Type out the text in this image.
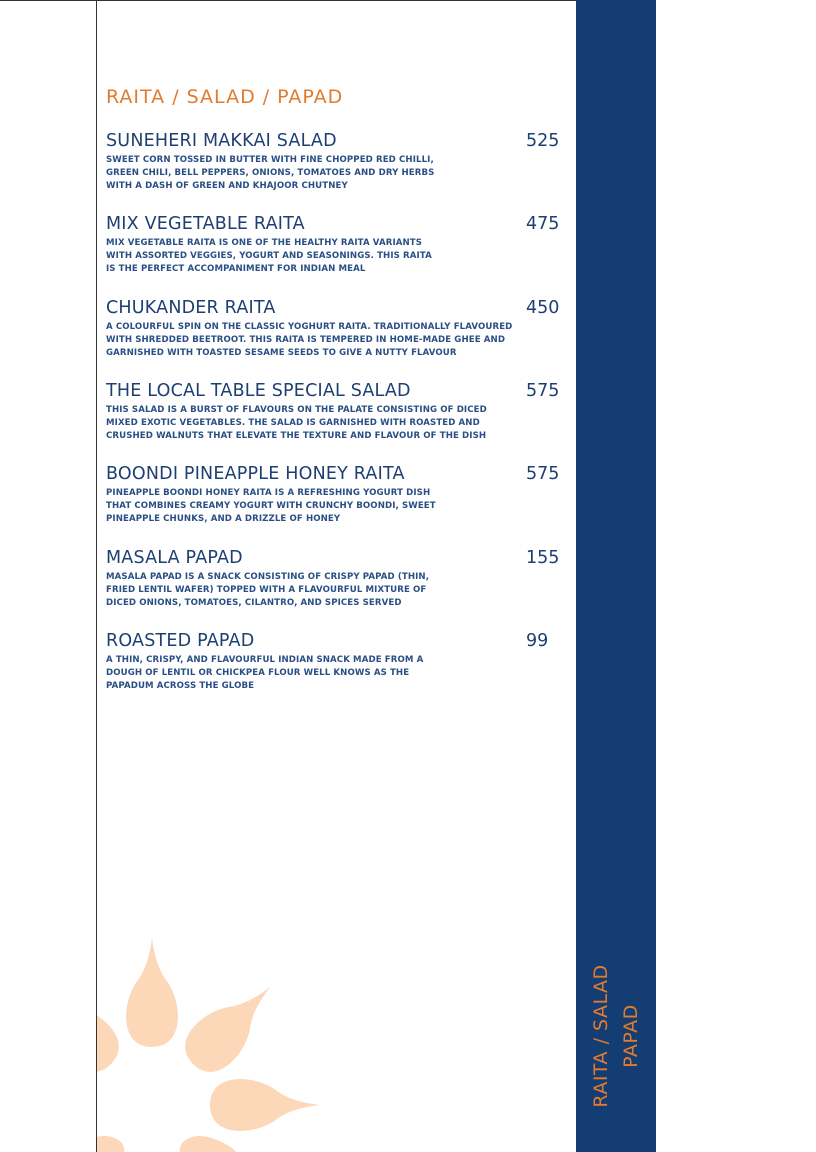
RAITA / SALAD / PAPAD
SUNEHERI MAKKAI SALAD	525
SWEET CORN TOSSED IN BUTTER WITH FINE CHOPPED RED CHILLI,
GREEN CHILI, BELL PEPPERS, ONIONS, TOMATOES AND DRY HERBS
WITH A DASH OF GREEN AND KHAJOOR CHUTNEY
MIX VEGETABLE RAITA	475
MIX VEGETABLE RAITA IS ONE OF THE HEALTHY RAITA VARIANTS
WITH ASSORTED VEGGIES, YOGURT AND SEASONINGS. THIS RAITA
IS THE PERFECT ACCOMPANIMENT FOR INDIAN MEAL
CHUKANDER RAITA	450
A COLOURFUL SPIN ON THE CLASSIC YOGHURT RAITA. TRADITIONALLY FLAVOURED
WITH SHREDDED BEETROOT. THIS RAITA IS TEMPERED IN HOME-MADE GHEE AND
GARNISHED WITH TOASTED SESAME SEEDS TO GIVE A NUTTY FLAVOUR
THE LOCAL TABLE SPECIAL SALAD	575
THIS SALAD IS A BURST OF FLAVOURS ON THE PALATE CONSISTING OF DICED
MIXED EXOTIC VEGETABLES. THE SALAD IS GARNISHED WITH ROASTED AND
CRUSHED WALNUTS THAT ELEVATE THE TEXTURE AND FLAVOUR OF THE DISH
BOONDI PINEAPPLE HONEY RAITA	575
PINEAPPLE BOONDI HONEY RAITA IS A REFRESHING YOGURT DISH
THAT COMBINES CREAMY YOGURT WITH CRUNCHY BOONDI, SWEET
PINEAPPLE CHUNKS, AND A DRIZZLE OF HONEY
MASALA PAPAD	155
MASALA PAPAD IS A SNACK CONSISTING OF CRISPY PAPAD (THIN,
FRIED LENTIL WAFER) TOPPED WITH A FLAVOURFUL MIXTURE OF
DICED ONIONS, TOMATOES, CILANTRO, AND SPICES SERVED
ROASTED PAPAD	99
A THIN, CRISPY, AND FLAVOURFUL INDIAN SNACK MADE FROM A
DOUGH OF LENTIL OR CHICKPEA FLOUR WELL KNOWS AS THE
PAPADUM ACROSS THE GLOBE
RAITA / SALAD PAPAD
